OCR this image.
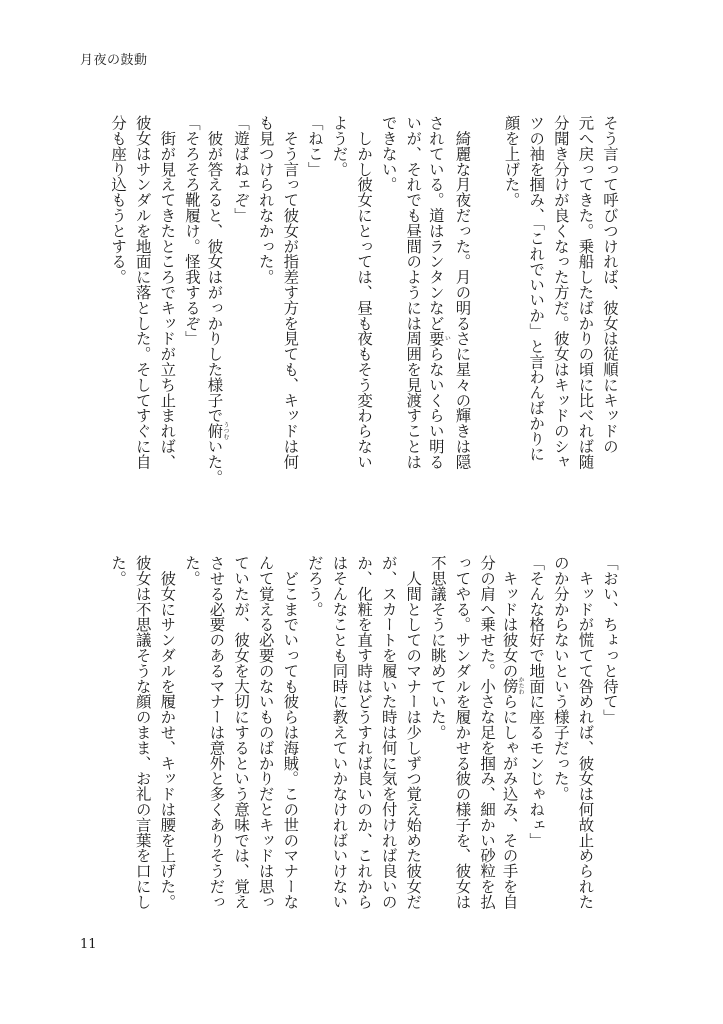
月夜の鼓動
そう言って呼びつければ、彼女は従順にキッドの
元へ戻ってきた。乗船したばかりの頃に比べれば随
分聞き分けが良くなった方だ。彼女はキッドのシャ
ツの袖を掴み、「これでいいか」と言わんばかりに
顔を上げた。
　綺麗な月夜だった。月の明るさに星々の輝きは隠
されている。道はランタンなど要いらないくらい明る
いが、それでも昼間のようには周囲を見渡すことは
できない。
　しかし彼女にとっては、昼も夜もそう変わらない
ようだ。
「ねこ」
　そう言って彼女が指差す方を見ても、キッドは何
も見つけられなかった。
「遊ばねェぞ」
　彼が答えると、彼女はがっかりした様子で俯うつむいた。
「そろそろ靴履け。怪我するぞ」
　街が見えてきたところでキッドが立ち止まれば、
彼女はサンダルを地面に落とした。そしてすぐに自
分も座り込もうとする。
「おい、ちょっと待て」
　キッドが慌てて咎めれば、彼女は何故止められた
のか分からないという様子だった。
「そんな格好で地面に座るモンじゃねェ」
　キッドは彼女の傍かたわらにしゃがみ込み、その手を自
分の肩へ乗せた。小さな足を掴み、細かい砂粒を払
ってやる。サンダルを履かせる彼の様子を、彼女は
不思議そうに眺めていた。
　人間としてのマナーは少しずつ覚え始めた彼女だ
が、スカートを履いた時は何に気を付ければ良いの
か、化粧を直す時はどうすれば良いのか、これから
はそんなことも同時に教えていかなければいけない
だろう。
　どこまでいっても彼らは海賊。この世のマナーな
んて覚える必要のないものばかりだとキッドは思っ
ていたが、彼女を大切にするという意味では、覚え
させる必要のあるマナーは意外と多くありそうだっ
た。
　彼女にサンダルを履かせ、キッドは腰を上げた。
彼女は不思議そうな顔のまま、お礼の言葉を口にし
た。
11
